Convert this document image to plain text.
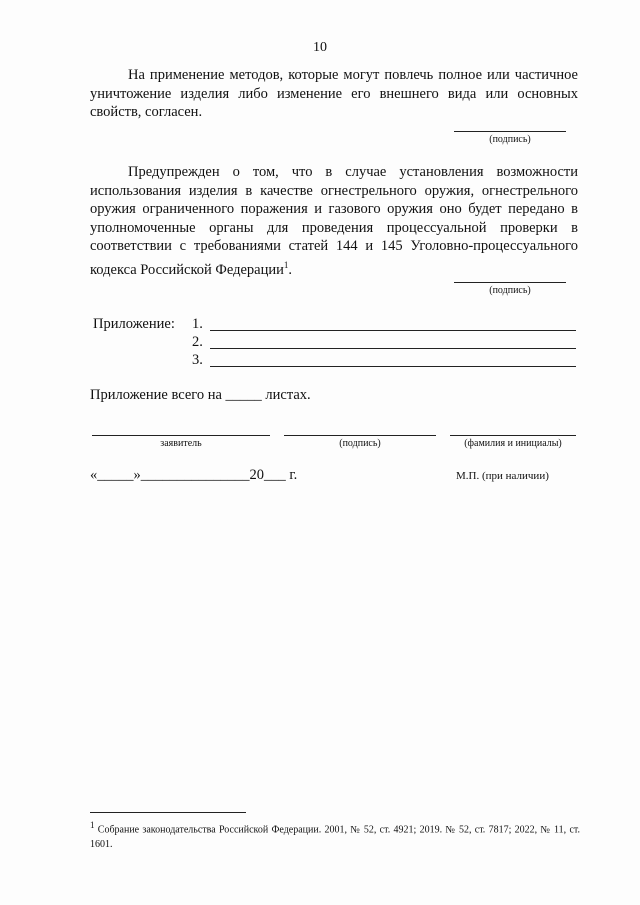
10
На применение методов, которые могут повлечь полное или частичное уничтожение изделия либо изменение его внешнего вида или основных свойств, согласен.
(подпись)
Предупрежден о том, что в случае установления возможности использования изделия в качестве огнестрельного оружия, огнестрельного оружия ограниченного поражения и газового оружия оно будет передано в уполномоченные органы для проведения процессуальной проверки в соответствии с требованиями статей 144 и 145 Уголовно-процессуального кодекса Российской Федерации$^1$.
(подпись)
Приложение: 1.
2.
3.
Приложение всего на _____ листах.
заявитель	(подпись)	(фамилия и инициалы)
«_____»_______________20___ г.	М.П. (при наличии)
$^1$ Собрание законодательства Российской Федерации. 2001, № 52, ст. 4921; 2019. № 52, ст. 7817; 2022, № 11, ст. 1601.
